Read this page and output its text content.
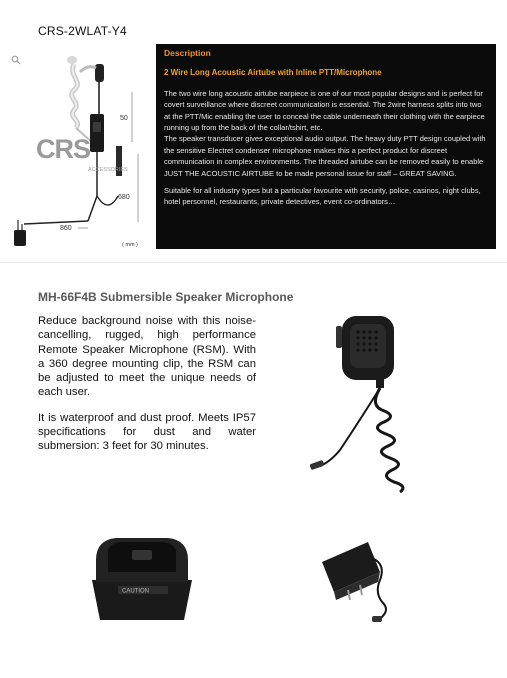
CRS-2WLAT-Y4
CRS
ACCESSORIES
50
680
860
( mm )
Description
2 Wire Long Acoustic Airtube with Inline PTT/Microphone

The two wire long acoustic airtube earpiece is one of our most popular designs and is perfect for covert surveillance where discreet communication is essential. The 2wire harness splits into two at the PTT/Mic enabling the user to conceal the cable underneath their clothing with the earpiece running up from the back of the collar/tshirt, etc.

The speaker transducer gives exceptional audio output. The heavy duty PTT design coupled with the sensitive Electret condenser microphone makes this a perfect product for discreet communication in complex environments. The threaded airtube can be removed easily to enable JUST THE ACOUSTIC AIRTUBE to be made personal issue for staff – GREAT SAVING.

Suitable for all industry types but a particular favourite with security, police, casinos, night clubs, hotel personnel, restaurants, private detectives, event co-ordinators…

MH-66F4B Submersible Speaker Microphone

Reduce background noise with this noise-cancelling, rugged, high performance Remote Speaker Microphone (RSM). With a 360 degree mounting clip, the RSM can be adjusted to meet the unique needs of each user.

It is waterproof and dust proof. Meets IP57 specifications for dust and water submersion: 3 feet for 30 minutes.

CAUTION
